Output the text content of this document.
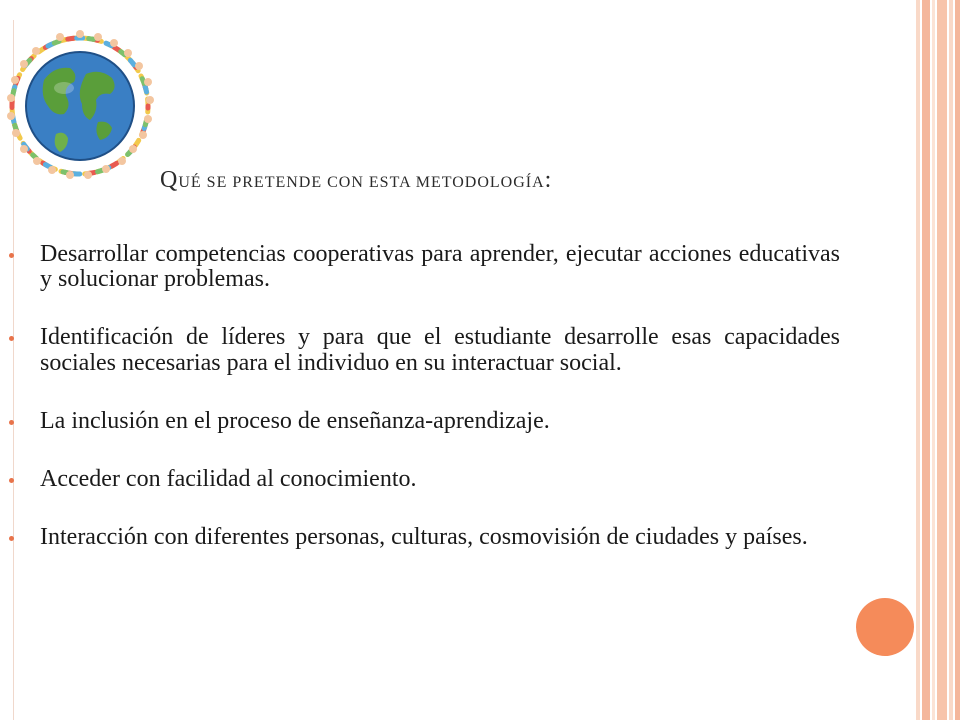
QUÉ SE PRETENDE CON ESTA METODOLOGÍA:
Desarrollar competencias cooperativas para aprender, ejecutar acciones educativas y solucionar problemas.
Identificación de líderes y para que el estudiante desarrolle esas capacidades sociales necesarias para el individuo en su interactuar social.
La inclusión en el proceso de enseñanza-aprendizaje.
Acceder con facilidad al conocimiento.
Interacción con diferentes personas, culturas, cosmovisión de ciudades y países.
